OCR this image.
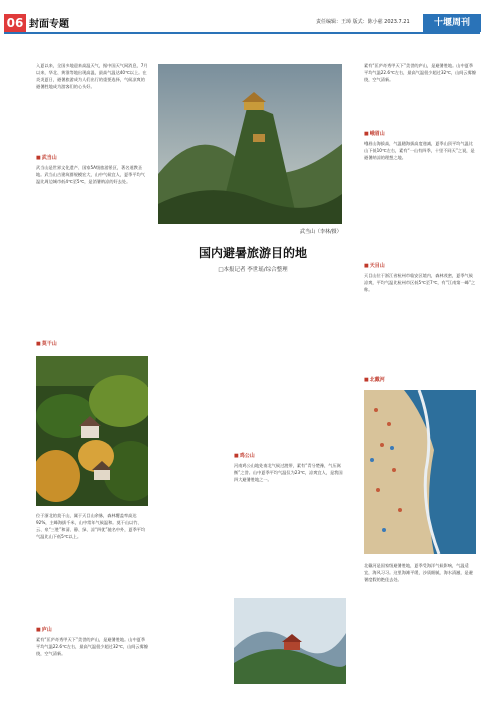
06 封面专题	责任编辑：王璋 版式：陈小慈 2023.7.21	十堰周刊
入夏以来，全国多地迎来高温天气，据中国天气网消息，7月以来，华北、黄淮等地出现高温，最高气温达40℃以上。在炎炎夏日，避暑旅游成为人们出行的重要选择，气候凉爽的避暑胜地成为游客们的心头好。
■ 武当山
武当山是世界文化遗产、国家5A级旅游景区，著名道教圣地。武当山古建筑群规模宏大，山中气候宜人，夏季平均气温比周边城市低4℃至5℃，是消暑纳凉的好去处。
■ 莫干山
位于浙北的莫干山，属于天目山余脉，森林覆盖率高达92%，主峰海拔千米，山中常年气候温和。莫干山以竹、云、泉“三胜”和清、静、绿、凉“四优”驰名中外，夏季平均气温比山下低5℃以上。
■ 庐山
素有“匡庐奇秀甲天下”美誉的庐山，是避暑胜地。山中夏季平均气温22.6℃左右，最高气温很少超过32℃，山间云雾缭绕，空气清新。
武当山（李林/摄）
国内避暑旅游目的地
□本报记者 李世瑶/综合整理
■ 鸡公山
河南鸡公山地处南北气候过渡带，素有“青分楚豫，气压嵩衡”之誉。山中夏季平均气温仅为23℃，凉爽宜人，是我国四大避暑胜地之一。
素有“匡庐奇秀甲天下”美誉的庐山，是避暑胜地。山中夏季平均气温22.6℃左右，最高气温很少超过32℃，山间云雾缭绕，空气清新。
■ 峨眉山
峨眉山海拔高，气温随海拔高度递减，夏季山顶平均气温比山下低10℃左右，素有“一山有四季，十里不同天”之说，是避暑纳凉的理想之地。
■ 天目山
天目山位于浙江省杭州市临安区境内，森林茂密，夏季气候凉爽，平均气温比杭州市区低5℃至7℃，有“江南第一峰”之称。
■ 北戴河
北戴河是国家级避暑胜地，夏季受海洋气候影响，气温适宜，海风习习。这里海滩平缓，沙质细腻，海水清澈，是避暑度假的绝佳去处。
